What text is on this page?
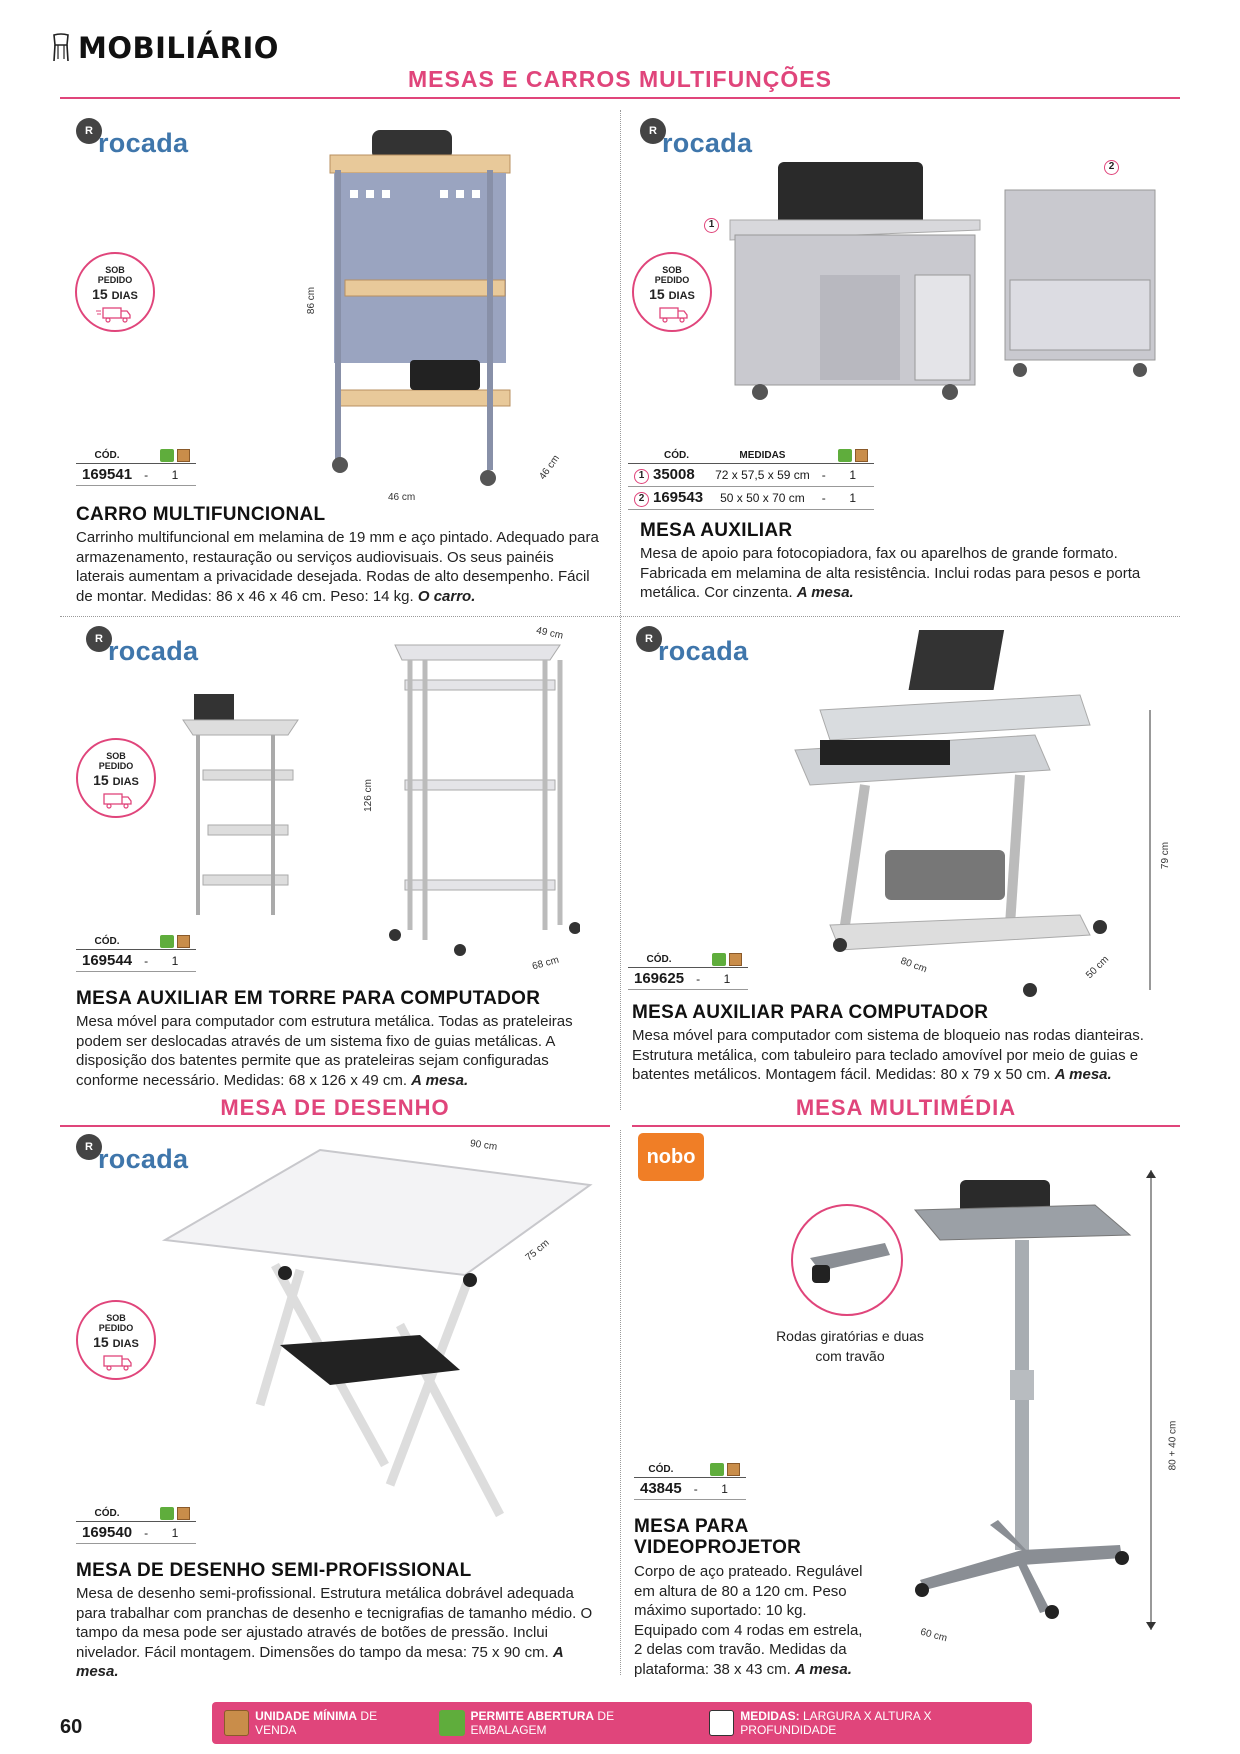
MOBILIÁRIO
MESAS E CARROS MULTIFUNÇÕES
R rocada
SOB
PEDIDO
15 DIAS	86 cm
46 cm
46 cm
CÓD.		
169541	-	1
CARRO MULTIFUNCIONAL
Carrinho multifuncional em melamina de 19 mm e aço pintado. Adequado para armazenamento, restauração ou serviços audiovisuais. Os seus painéis laterais aumentam a privacidade desejada. Rodas de alto desempenho. Fácil de montar. Medidas: 86 x 46 x 46 cm. Peso: 14 kg. O carro.
R rocada
SOB
PEDIDO
15 DIAS
1
2
CÓD.	MEDIDAS		
1 35008	72 x 57,5 x 59 cm	-	1
2 169543	50 x 50 x 70 cm	-	1
MESA AUXILIAR
Mesa de apoio para fotocopiadora, fax ou aparelhos de grande formato. Fabricada em melamina de alta resistência. Inclui rodas para pesos e porta metálica. Cor cinzenta. A mesa.
R rocada
SOB
PEDIDO
15 DIAS	126 cm
68 cm
49 cm
CÓD.		
169544	-	1
MESA AUXILIAR EM TORRE PARA COMPUTADOR
Mesa móvel para computador com estrutura metálica. Todas as prateleiras podem ser deslocadas através de um sistema fixo de guias metálicas. A disposição dos batentes permite que as prateleiras sejam configuradas conforme necessário. Medidas: 68 x 126 x 49 cm. A mesa.
R rocada
79 cm
80 cm	50 cm
CÓD.		
169625	-	1
MESA AUXILIAR PARA COMPUTADOR
Mesa móvel para computador com sistema de bloqueio nas rodas dianteiras. Estrutura metálica, com tabuleiro para teclado amovível por meio de guias e batentes metálicos. Montagem fácil. Medidas: 80 x 79 x 50 cm. A mesa.
MESA DE DESENHO	MESA MULTIMÉDIA
R rocada
SOB
PEDIDO
15 DIAS
90 cm
75 cm
CÓD.		
169540	-	1
MESA DE DESENHO SEMI-PROFISSIONAL
Mesa de desenho semi-profissional. Estrutura metálica dobrável adequada para trabalhar com pranchas de desenho e tecnigrafias de tamanho médio. O tampo da mesa pode ser ajustado através de botões de pressão. Inclui nivelador. Fácil montagem. Dimensões do tampo da mesa: 75 x 90 cm. A mesa.
nobo
Rodas giratórias e duas
com travão
80 + 40 cm
60 cm
CÓD.		
43845	-	1
MESA PARA
VIDEOPROJETOR
Corpo de aço prateado. Regulável em altura de 80 a 120 cm. Peso máximo suportado: 10 kg. Equipado com 4 rodas em estrela, 2 delas com travão. Medidas da plataforma: 38 x 43 cm. A mesa.
60	UNIDADE MÍNIMA DE VENDA
PERMITE ABERTURA DE EMBALAGEM
MEDIDAS: LARGURA X ALTURA X PROFUNDIDADE
